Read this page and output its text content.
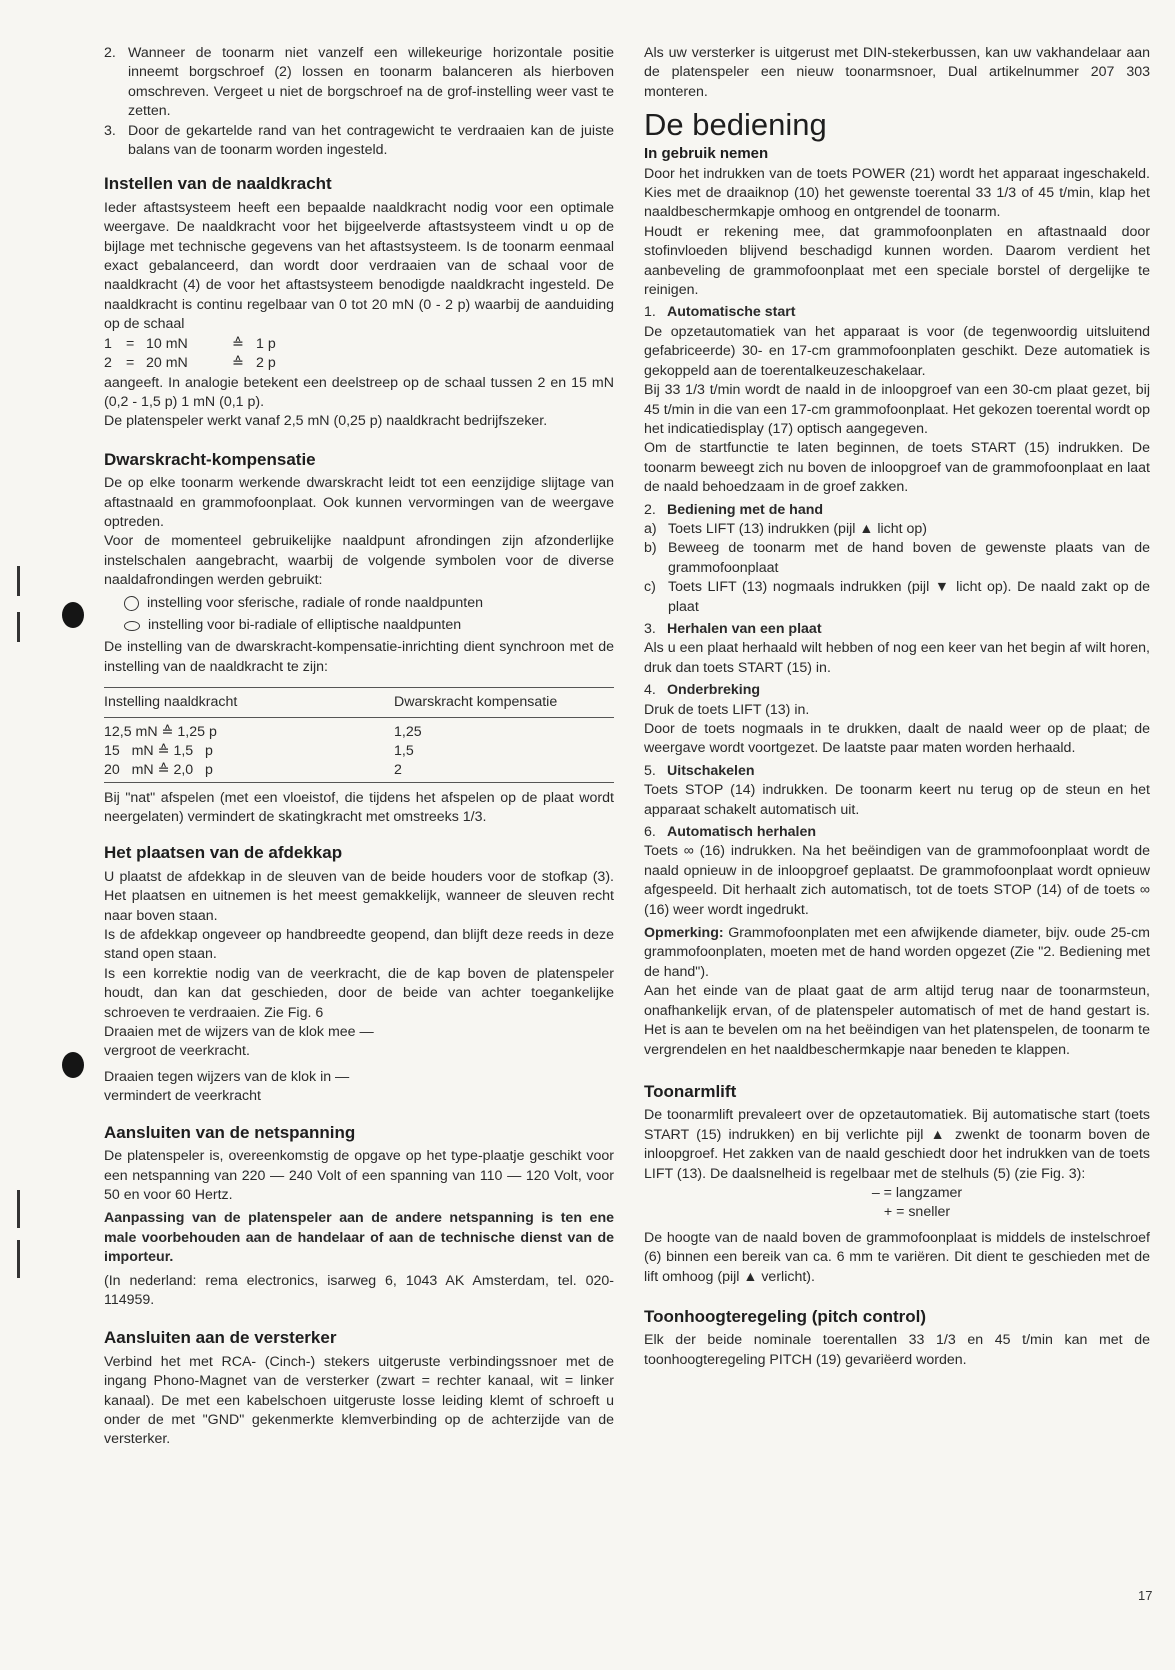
2. Wanneer de toonarm niet vanzelf een willekeurige horizontale positie inneemt borgschroef (2) lossen en toonarm balanceren als hierboven omschreven. Vergeet u niet de borgschroef na de grof-instelling weer vast te zetten.
3. Door de gekartelde rand van het contragewicht te verdraaien kan de juiste balans van de toonarm worden ingesteld.
Instellen van de naaldkracht

Ieder aftastsysteem heeft een bepaalde naaldkracht nodig voor een optimale weergave. De naaldkracht voor het bijgeelverde aftastsysteem vindt u op de bijlage met technische gegevens van het aftastsysteem. Is de toonarm eenmaal exact gebalanceerd, dan wordt door verdraaien van de schaal voor de naaldkracht (4) de voor het aftastsysteem benodigde naaldkracht ingesteld. De naaldkracht is continu regelbaar van 0 tot 20 mN (0 - 2 p) waarbij de aanduiding op de schaal

1 = 10 mN	≙ 1 p
2 = 20 mN	≙ 2 p

aangeeft. In analogie betekent een deelstreep op de schaal tussen 2 en 15 mN (0,2 - 1,5 p) 1 mN (0,1 p).

De platenspeler werkt vanaf 2,5 mN (0,25 p) naaldkracht bedrijfszeker.

Dwarskracht-kompensatie

De op elke toonarm werkende dwarskracht leidt tot een eenzijdige slijtage van aftastnaald en grammofoonplaat. Ook kunnen vervormingen van de weergave optreden.

Voor de momenteel gebruikelijke naaldpunt afrondingen zijn afzonderlijke instelschalen aangebracht, waarbij de volgende symbolen voor de diverse naaldafrondingen werden gebruikt:

instelling voor sferische, radiale of ronde naaldpunten
instelling voor bi-radiale of elliptische naaldpunten

De instelling van de dwarskracht-kompensatie-inrichting dient synchroon met de instelling van de naaldkracht te zijn:

Instelling naaldkracht	Dwarskracht kompensatie
12,5 mN ≙ 1,25 p	1,25
15   mN ≙ 1,5   p	1,5
20   mN ≙ 2,0   p	2

Bij "nat" afspelen (met een vloeistof, die tijdens het afspelen op de plaat wordt neergelaten) vermindert de skatingkracht met omstreeks 1/3.

Het plaatsen van de afdekkap

U plaatst de afdekkap in de sleuven van de beide houders voor de stofkap (3). Het plaatsen en uitnemen is het meest gemakkelijk, wanneer de sleuven recht naar boven staan.

Is de afdekkap ongeveer op handbreedte geopend, dan blijft deze reeds in deze stand open staan.

Is een korrektie nodig van de veerkracht, die de kap boven de platenspeler houdt, dan kan dat geschieden, door de beide van achter toegankelijke schroeven te verdraaien. Zie Fig. 6

Draaien met de wijzers van de klok mee —

vergroot de veerkracht.

Draaien tegen wijzers van de klok in —

vermindert de veerkracht

Aansluiten van de netspanning

De platenspeler is, overeenkomstig de opgave op het type-plaatje geschikt voor een netspanning van 220 — 240 Volt of een spanning van 110 — 120 Volt, voor 50 en voor 60 Hertz.

Aanpassing van de platenspeler aan de andere netspanning is ten ene male voorbehouden aan de handelaar of aan de technische dienst van de importeur.

(In nederland: rema electronics, isarweg 6, 1043 AK Amsterdam, tel. 020-114959.

Aansluiten aan de versterker

Verbind het met RCA- (Cinch-) stekers uitgeruste verbindingssnoer met de ingang Phono-Magnet van de versterker (zwart = rechter kanaal, wit = linker kanaal). De met een kabelschoen uitgeruste losse leiding klemt of schroeft u onder de met "GND" gekenmerkte klemverbinding op de achterzijde van de versterker.

Als uw versterker is uitgerust met DIN-stekerbussen, kan uw vakhandelaar aan de platenspeler een nieuw toonarmsnoer, Dual artikelnummer 207 303 monteren.

De bediening
In gebruik nemen

Door het indrukken van de toets POWER (21) wordt het apparaat ingeschakeld. Kies met de draaiknop (10) het gewenste toerental 33 1/3 of 45 t/min, klap het naaldbeschermkapje omhoog en ontgrendel de toonarm.

Houdt er rekening mee, dat grammofoonplaten en aftastnaald door stofinvloeden blijvend beschadigd kunnen worden. Daarom verdient het aanbeveling de grammofoonplaat met een speciale borstel of dergelijke te reinigen.

1. Automatische start

De opzetautomatiek van het apparaat is voor (de tegenwoordig uitsluitend gefabriceerde) 30- en 17-cm grammofoonplaten geschikt. Deze automatiek is gekoppeld aan de toerentalkeuzeschakelaar.

Bij 33 1/3 t/min wordt de naald in de inloopgroef van een 30-cm plaat gezet, bij 45 t/min in die van een 17-cm grammofoonplaat. Het gekozen toerental wordt op het indicatiedisplay (17) optisch aangegeven.

Om de startfunctie te laten beginnen, de toets START (15) indrukken. De toonarm beweegt zich nu boven de inloopgroef van de grammofoonplaat en laat de naald behoedzaam in de groef zakken.

2. Bediening met de hand
a) Toets LIFT (13) indrukken (pijl ▲ licht op)
b) Beweeg de toonarm met de hand boven de gewenste plaats van de grammofoonplaat
c) Toets LIFT (13) nogmaals indrukken (pijl ▼ licht op). De naald zakt op de plaat
3. Herhalen van een plaat

Als u een plaat herhaald wilt hebben of nog een keer van het begin af wilt horen, druk dan toets START (15) in.

4. Onderbreking

Druk de toets LIFT (13) in.

Door de toets nogmaals in te drukken, daalt de naald weer op de plaat; de weergave wordt voortgezet. De laatste paar maten worden herhaald.

5. Uitschakelen

Toets STOP (14) indrukken. De toonarm keert nu terug op de steun en het apparaat schakelt automatisch uit.

6. Automatisch herhalen

Toets ∞ (16) indrukken. Na het beëindigen van de grammofoonplaat wordt de naald opnieuw in de inloopgroef geplaatst. De grammofoonplaat wordt opnieuw afgespeeld. Dit herhaalt zich automatisch, tot de toets STOP (14) of de toets ∞ (16) weer wordt ingedrukt.

Opmerking: Grammofoonplaten met een afwijkende diameter, bijv. oude 25-cm grammofoonplaten, moeten met de hand worden opgezet (Zie "2. Bediening met de hand").

Aan het einde van de plaat gaat de arm altijd terug naar de toonarmsteun, onafhankelijk ervan, of de platenspeler automatisch of met de hand gestart is. Het is aan te bevelen om na het beëindigen van het platenspelen, de toonarm te vergrendelen en het naaldbeschermkapje naar beneden te klappen.

Toonarmlift

De toonarmlift prevaleert over de opzetautomatiek. Bij automatische start (toets START (15) indrukken) en bij verlichte pijl ▲ zwenkt de toonarm boven de inloopgroef. Het zakken van de naald geschiedt door het indrukken van de toets LIFT (13). De daalsnelheid is regelbaar met de stelhuls (5) (zie Fig. 3):

– = langzamer

+ = sneller

De hoogte van de naald boven de grammofoonplaat is middels de instelschroef (6) binnen een bereik van ca. 6 mm te variëren. Dit dient te geschieden met de lift omhoog (pijl ▲ verlicht).

Toonhoogteregeling (pitch control)

Elk der beide nominale toerentallen 33 1/3 en 45 t/min kan met de toonhoogteregeling PITCH (19) gevariëerd worden.

17
